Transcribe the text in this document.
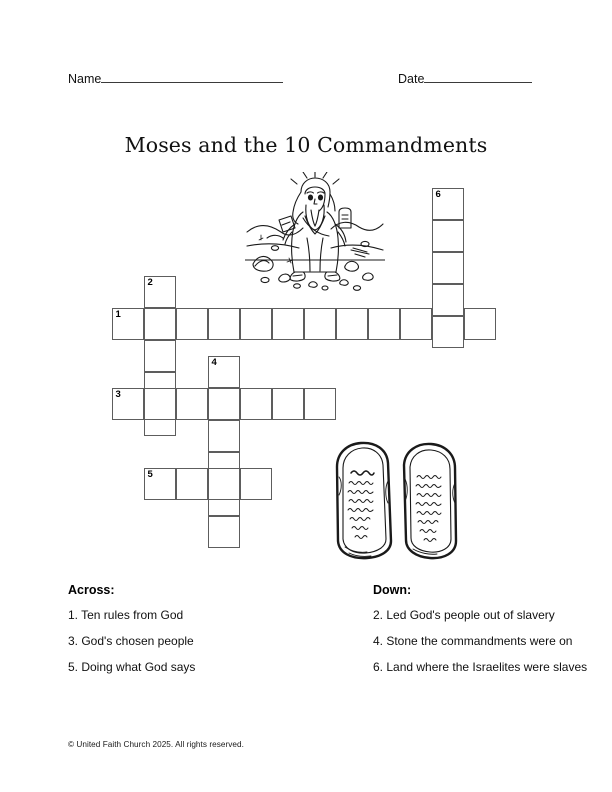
Name	Date
Moses and the 10 Commandments
1
2
3
4
5
6
Across:
1. Ten rules from God
3. God's chosen people
5. Doing what God says
Down:
2. Led God's people out of slavery
4. Stone the commandments were on
6. Land where the Israelites were slaves
© United Faith Church 2025. All rights reserved.
